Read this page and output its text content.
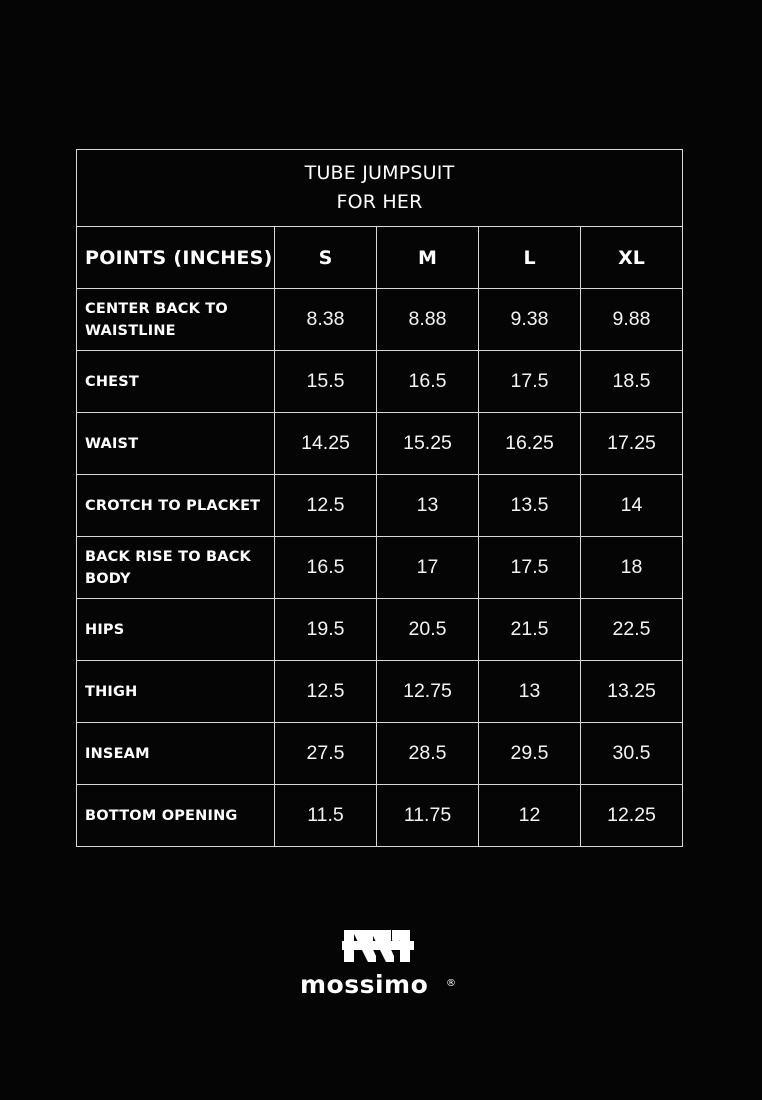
TUBE JUMPSUIT
FOR HER				

POINTS (INCHES)	S	M	L	XL
CENTER BACK TO WAISTLINE	8.38	8.88	9.38	9.88
CHEST	15.5	16.5	17.5	18.5
WAIST	14.25	15.25	16.25	17.25
CROTCH TO PLACKET	12.5	13	13.5	14
BACK RISE TO BACK BODY	16.5	17	17.5	18
HIPS	19.5	20.5	21.5	22.5
THIGH	12.5	12.75	13	13.25
INSEAM	27.5	28.5	29.5	30.5
BOTTOM OPENING	11.5	11.75	12	12.25
mossimo ®
